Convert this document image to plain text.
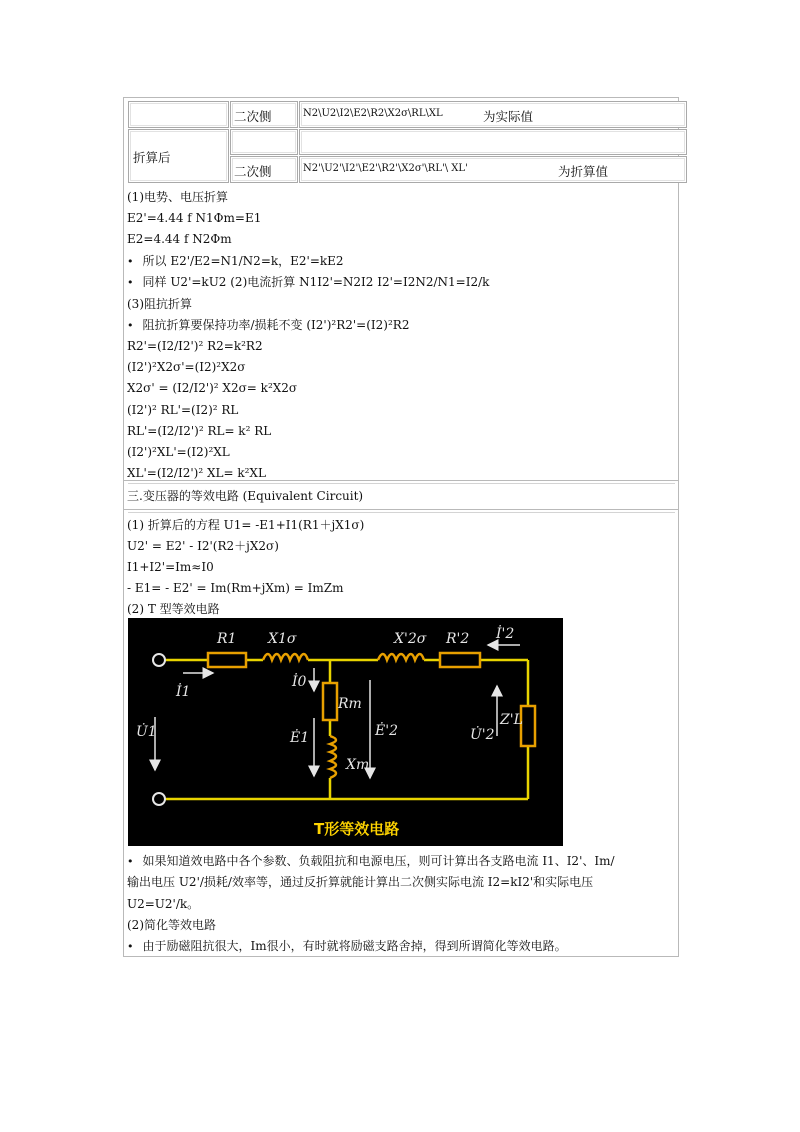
二次侧	N2\U2\I2\E2\R2\X2σ\RL\XL	为实际值
折算后
二次侧	N2'\U2'\I2'\E2'\R2'\X2σ'\RL'\ XL'	为折算值
(1)电势、电压折算
E2'=4.44 f N1Φm=E1
E2=4.44 f N2Φm
• 所以 E2'/E2=N1/N2=k，E2'=kE2
• 同样 U2'=kU2 (2)电流折算 N1I2'=N2I2 I2'=I2N2/N1=I2/k
(3)阻抗折算
• 阻抗折算要保持功率/损耗不变 (I2')²R2'=(I2)²R2
R2'=(I2/I2')² R2=k²R2
(I2')²X2σ'=(I2)²X2σ
X2σ' = (I2/I2')² X2σ= k²X2σ
(I2')² RL'=(I2)² RL
RL'=(I2/I2')² RL= k² RL
(I2')²XL'=(I2)²XL
XL'=(I2/I2')² XL= k²XL
三.变压器的等效电路 (Equivalent Circuit)
(1) 折算后的方程 U1= -E1+I1(R1＋jX1σ)
U2' = E2' - I2'(R2＋jX2σ)
I1+I2'=Im≈I0
- E1= - E2' = Im(Rm+jXm) = ImZm
(2) T 型等效电路
R1 X1σ	X'2σ R'2 İ'2
İ1
İ0
Rm
Ė1	Ė'2
U̇1	U̇'2
Z'L
Xm
T形等效电路
• 如果知道效电路中各个参数、负载阻抗和电源电压，则可计算出各支路电流 I1、I2'、Im/
输出电压 U2'/损耗/效率等，通过反折算就能计算出二次侧实际电流 I2=kI2'和实际电压
U2=U2'/k。
(2)简化等效电路
• 由于励磁阻抗很大，Im很小，有时就将励磁支路舍掉，得到所谓简化等效电路。
